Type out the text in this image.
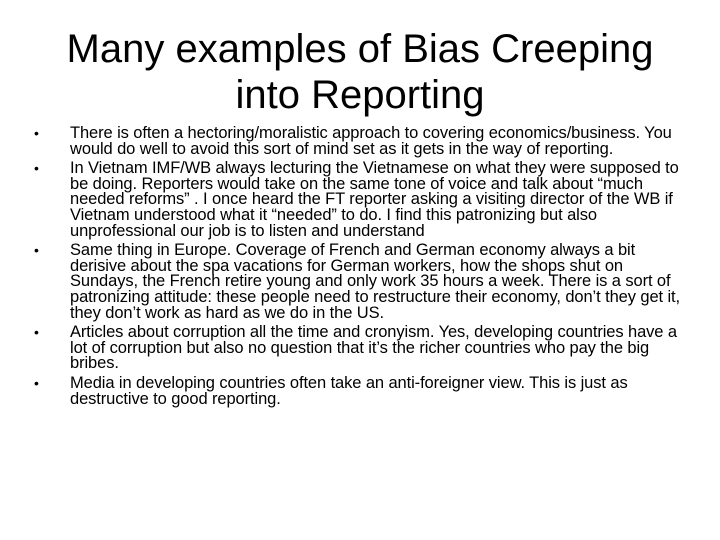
Many examples of Bias Creeping
into Reporting
•	There is often a hectoring/moralistic approach to covering economics/business. You would do well to avoid this sort of mind set as it gets in the way of reporting.
•	In Vietnam IMF/WB always lecturing the Vietnamese on what they were supposed to be doing. Reporters would take on the same tone of voice and talk about “much needed reforms” . I once heard the FT reporter asking a visiting director of the WB if Vietnam understood what it “needed” to do. I find this patronizing but also unprofessional our job is to listen and understand
•	Same thing in Europe. Coverage of French and German economy always a bit derisive about the spa vacations for German workers, how the shops shut on Sundays, the French retire young and only work 35 hours a week. There is a sort of patronizing attitude: these people need to restructure their economy, don’t they get it, they don’t work as hard as we do in the US.
•	Articles about corruption all the time and cronyism. Yes, developing countries have a lot of corruption but also no question that it’s the richer countries who pay the big bribes.
•	Media in developing countries often take an anti-foreigner view. This is just as destructive to good reporting.
